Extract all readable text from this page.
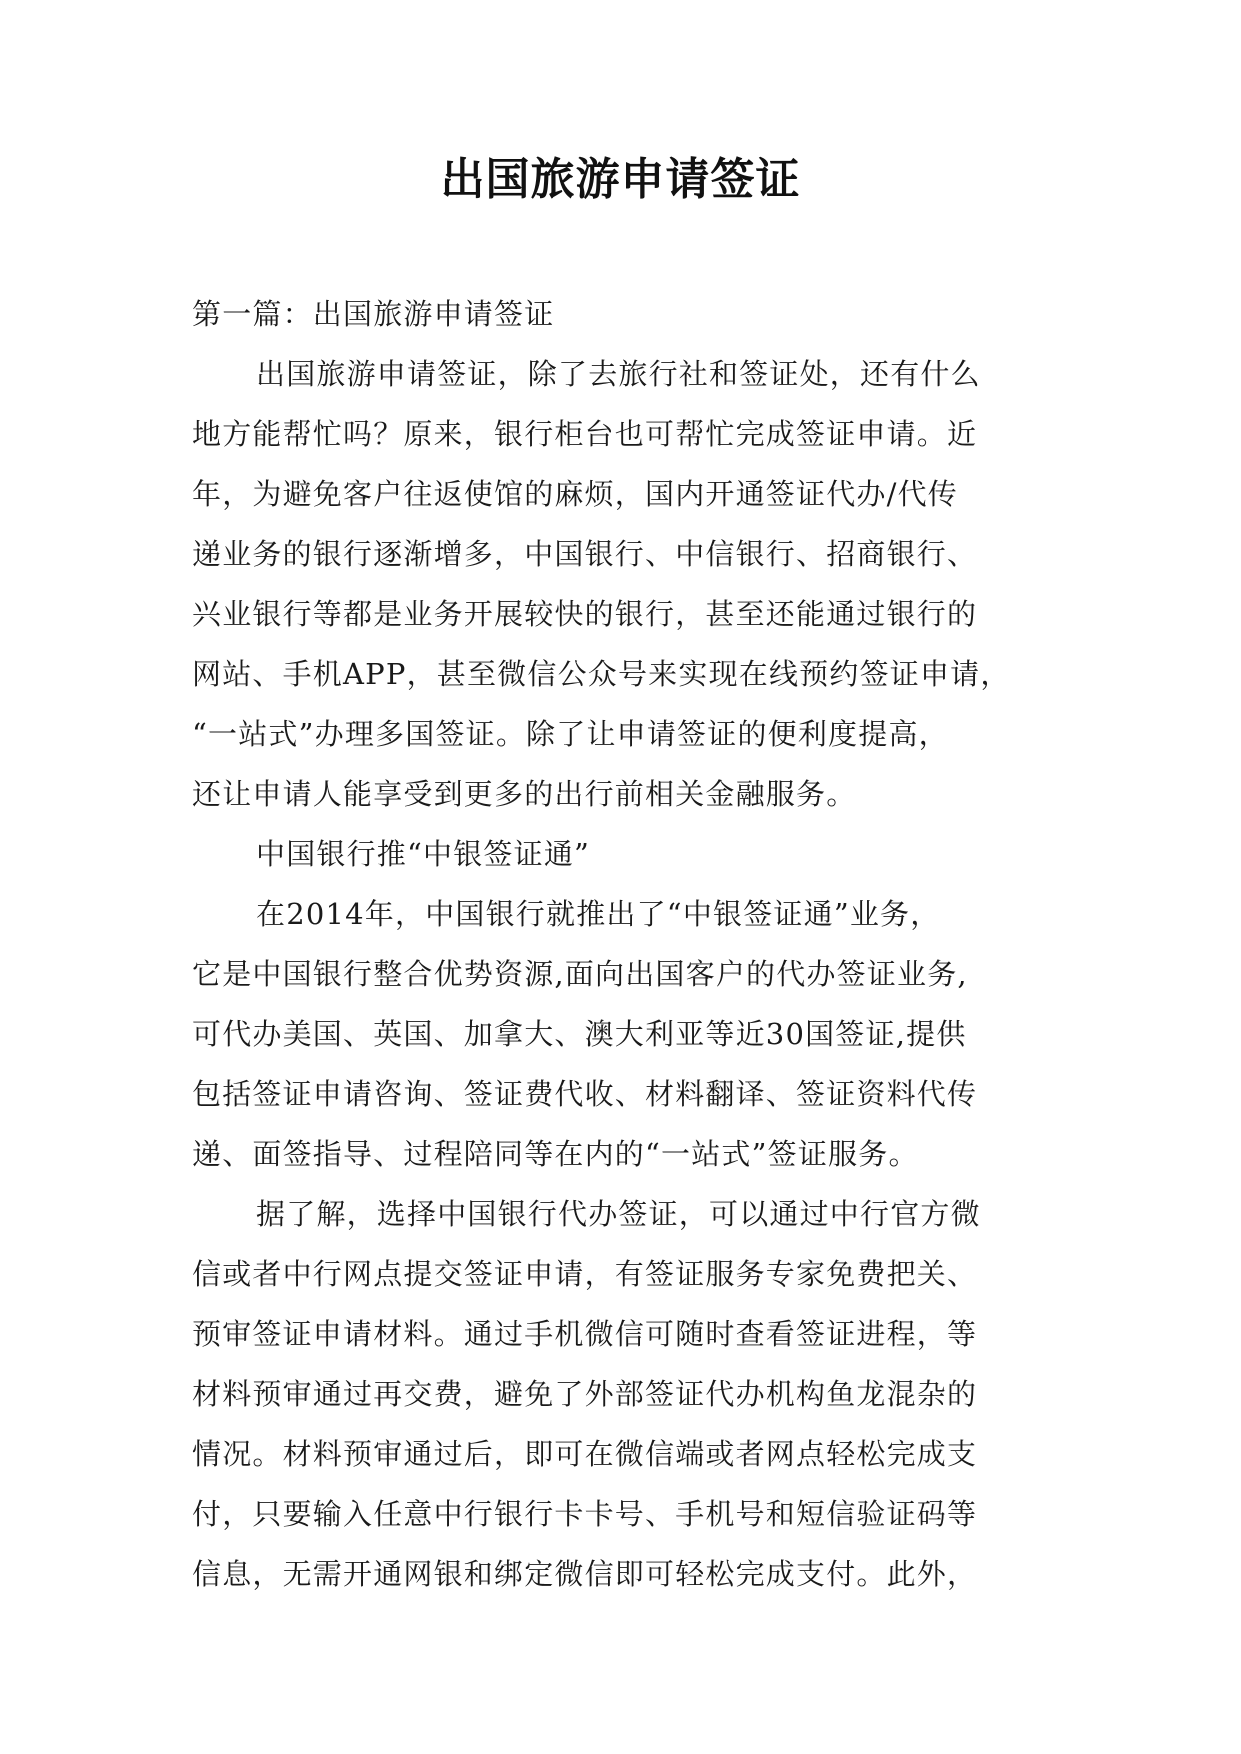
出国旅游申请签证
第一篇：出国旅游申请签证
出国旅游申请签证，除了去旅行社和签证处，还有什么
地方能帮忙吗？原来，银行柜台也可帮忙完成签证申请。近
年，为避免客户往返使馆的麻烦，国内开通签证代办/代传
递业务的银行逐渐增多，中国银行、中信银行、招商银行、
兴业银行等都是业务开展较快的银行，甚至还能通过银行的
网站、手机APP，甚至微信公众号来实现在线预约签证申请，
“一站式”办理多国签证。除了让申请签证的便利度提高，
还让申请人能享受到更多的出行前相关金融服务。
中国银行推“中银签证通”
在2014年，中国银行就推出了“中银签证通”业务，
它是中国银行整合优势资源,面向出国客户的代办签证业务,
可代办美国、英国、加拿大、澳大利亚等近30国签证,提供
包括签证申请咨询、签证费代收、材料翻译、签证资料代传
递、面签指导、过程陪同等在内的“一站式”签证服务。
据了解，选择中国银行代办签证，可以通过中行官方微
信或者中行网点提交签证申请，有签证服务专家免费把关、
预审签证申请材料。通过手机微信可随时查看签证进程，等
材料预审通过再交费，避免了外部签证代办机构鱼龙混杂的
情况。材料预审通过后，即可在微信端或者网点轻松完成支
付，只要输入任意中行银行卡卡号、手机号和短信验证码等
信息，无需开通网银和绑定微信即可轻松完成支付。此外，
